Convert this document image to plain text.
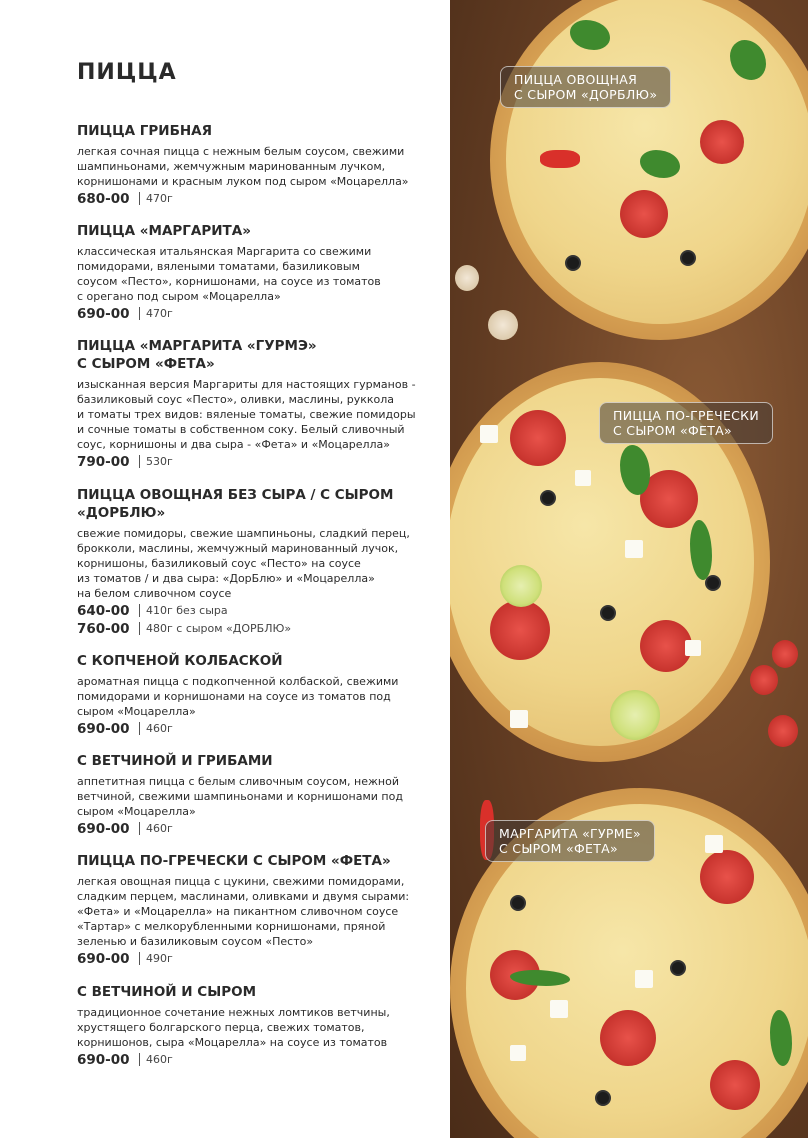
ПИЦЦА

ПИЦЦА ГРИБНАЯ

легкая сочная пицца с нежным белым соусом, свежими
шампиньонами, жемчужным маринованным лучком,
корнишонами и красным луком под сыром «Моцарелла»

680-00	470г

ПИЦЦА «МАРГАРИТА»

классическая итальянская Маргарита со свежими
помидорами, вялеными томатами, базиликовым
соусом «Песто», корнишонами, на соусе из томатов
с орегано под сыром «Моцарелла»

690-00	470г

ПИЦЦА «МАРГАРИТА «ГУРМЭ»
С СЫРОМ «ФЕТА»

изысканная версия Маргариты для настоящих гурманов -
базиликовый соус «Песто», оливки, маслины, руккола
и томаты трех видов: вяленые томаты, свежие помидоры
и сочные томаты в собственном соку. Белый сливочный
соус, корнишоны и два сыра - «Фета» и «Моцарелла»

790-00	530г

ПИЦЦА ОВОЩНАЯ БЕЗ СЫРА / С СЫРОМ
«ДОРБЛЮ»

свежие помидоры, свежие шампиньоны, сладкий перец,
брокколи, маслины, жемчужный маринованный лучок,
корнишоны, базиликовый соус «Песто» на соусе
из томатов / и два сыра: «ДорБлю» и «Моцарелла»
на белом сливочном соусе

640-00	410г без сыра
760-00	480г с сыром «ДОРБЛЮ»

С КОПЧЕНОЙ КОЛБАСКОЙ

ароматная пицца с подкопченной колбаской, свежими
помидорами и корнишонами на соусе из томатов под
сыром «Моцарелла»

690-00	460г

С ВЕТЧИНОЙ И ГРИБАМИ

аппетитная пицца с белым сливочным соусом, нежной
ветчиной, свежими шампиньонами и корнишонами под
сыром «Моцарелла»

690-00	460г

ПИЦЦА ПО-ГРЕЧЕСКИ С СЫРОМ «ФЕТА»

легкая овощная пицца с цукини, свежими помидорами,
сладким перцем, маслинами, оливками и двумя сырами:
«Фета» и «Моцарелла» на пикантном сливочном соусе
«Тартар» с мелкорубленными корнишонами, пряной
зеленью и базиликовым соусом «Песто»

690-00	490г

С ВЕТЧИНОЙ И СЫРОМ

традиционное сочетание нежных ломтиков ветчины,
хрустящего болгарского перца, свежих томатов,
корнишонов, сыра «Моцарелла» на соусе из томатов

690-00	460г
ПИЦЦА ОВОЩНАЯ
С СЫРОМ «ДОРБЛЮ»
ПИЦЦА ПО-ГРЕЧЕСКИ
С СЫРОМ «ФЕТА»
МАРГАРИТА «ГУРМЕ»
С СЫРОМ «ФЕТА»
